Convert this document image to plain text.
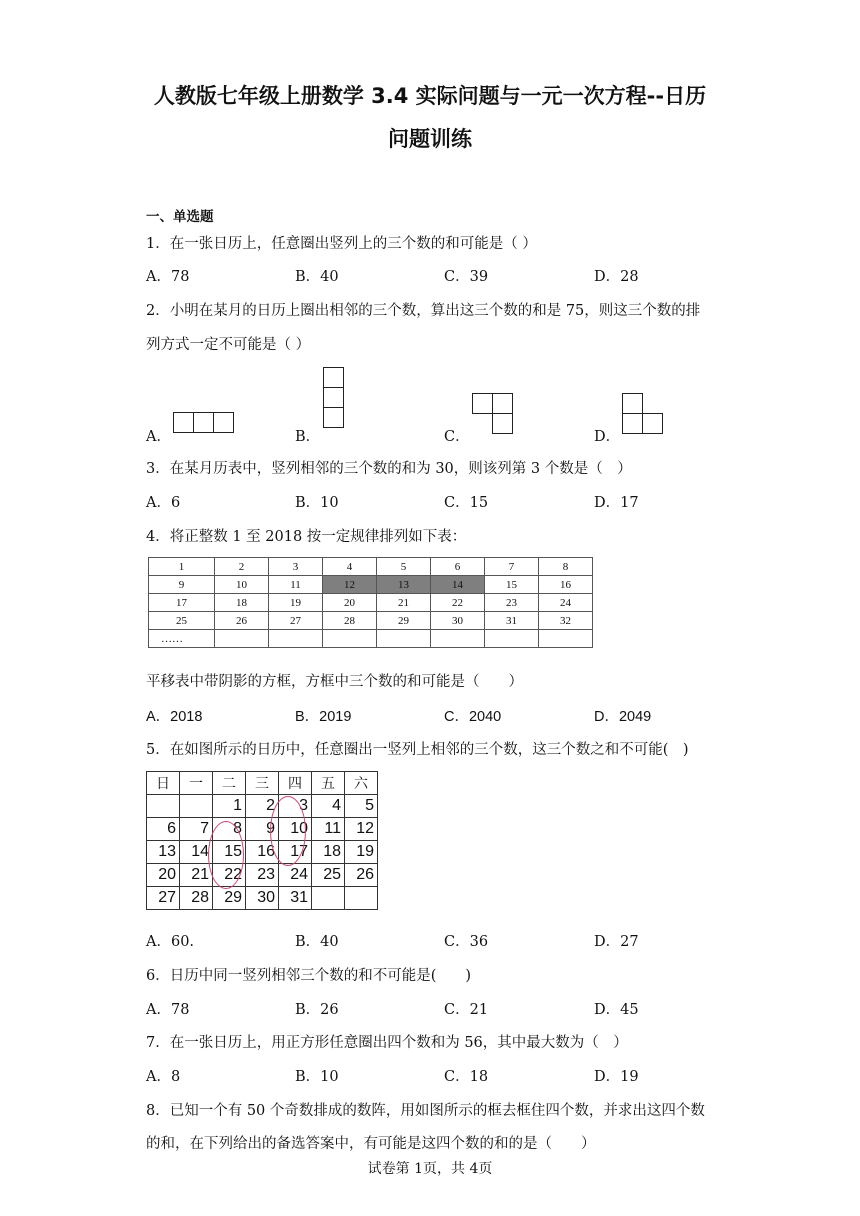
人教版七年级上册数学 3.4 实际问题与一元一次方程--日历
问题训练
一、单选题
1．在一张日历上，任意圈出竖列上的三个数的和可能是（ ）
A．78	B．40	C．39	D．28
2．小明在某月的日历上圈出相邻的三个数，算出这三个数的和是 75，则这三个数的排
列方式一定不可能是（ ）
A．	B．	C．	D．
3．在某月历表中，竖列相邻的三个数的和为 30，则该列第 3 个数是（　）
A．6	B．10	C．15	D．17
4．将正整数 1 至 2018 按一定规律排列如下表：
1	2	3	4	5	6	7	8
9	10	11	12	13	14	15	16
17	18	19	20	21	22	23	24
25	26	27	28	29	30	31	32
……							
平移表中带阴影的方框，方框中三个数的和可能是（　　）
A．2018	B．2019	C．2040	D．2049
5．在如图所示的日历中，任意圈出一竖列上相邻的三个数，这三个数之和不可能(　)
日	一	二	三	四	五	六
		1	2	3	4	5
6	7	8	9	10	11	12
13	14	15	16	17	18	19
20	21	22	23	24	25	26
27	28	29	30	31		
A．60.	B．40	C．36	D．27
6．日历中同一竖列相邻三个数的和不可能是(　　)
A．78	B．26	C．21	D．45
7．在一张日历上，用正方形任意圈出四个数和为 56，其中最大数为（　）
A．8	B．10	C．18	D．19
8．已知一个有 50 个奇数排成的数阵，用如图所示的框去框住四个数，并求出这四个数
的和，在下列给出的备选答案中，有可能是这四个数的和的是（　　）
试卷第 1页，共 4页
